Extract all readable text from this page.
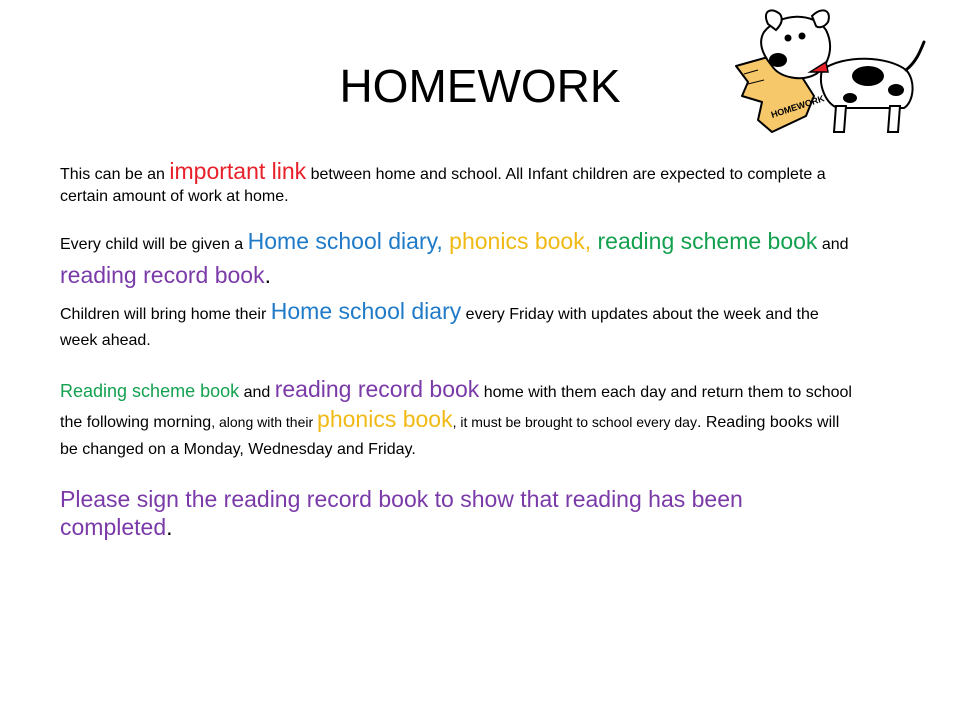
HOMEWORK	HOMEWORK

This can be an important link between home and school. All Infant children are expected to complete a certain amount of work at home.

Every child will be given a Home school diary, phonics book, reading scheme book and reading record book.

Children will bring home their Home school diary every Friday with updates about the week and the week ahead.

Reading scheme book and reading record book home with them each day and return them to school the following morning, along with their phonics book, it must be brought to school every day. Reading books will be changed on a Monday, Wednesday and Friday.

Please sign the reading record book to show that reading has been completed.
